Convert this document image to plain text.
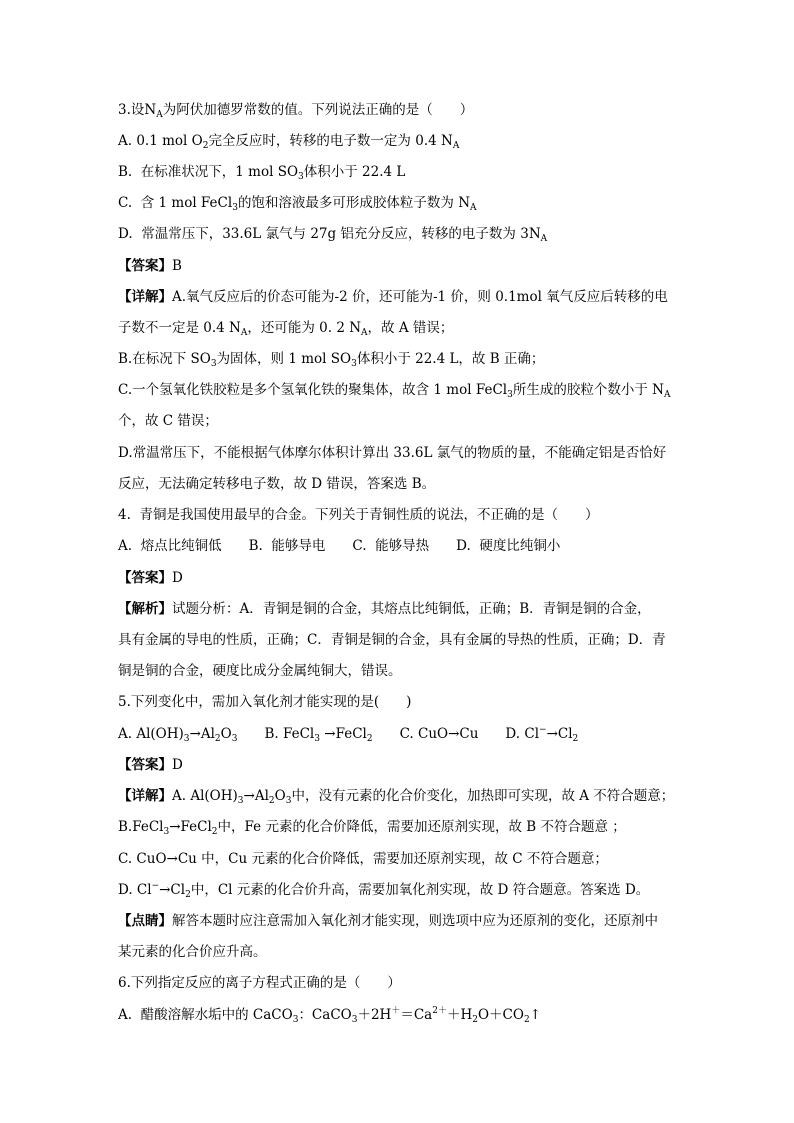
3.设$N_A$为阿伏加德罗常数的值。下列说法正确的是（　　）
A. 0.1 mol $O_2$完全反应时，转移的电子数一定为 0.4 $N_A$
B.  在标准状况下，1 mol $SO_3$体积小于 22.4 L
C.  含 1 mol FeCl$_3$的饱和溶液最多可形成胶体粒子数为 $N_A$
D.  常温常压下，33.6L 氯气与 27g 铝充分反应，转移的电子数为 $3N_A$
【答案】B
【详解】A.氧气反应后的价态可能为-2 价，还可能为-1 价，则 0.1mol 氧气反应后转移的电
子数不一定是 0.4 $N_A$，还可能为 0. 2 $N_A$，故 A 错误；
B.在标况下 $SO_3$为固体，则 1 mol $SO_3$体积小于 22.4 L，故 B 正确；
C.一个氢氧化铁胶粒是多个氢氧化铁的聚集体，故含 1 mol FeCl$_3$所生成的胶粒个数小于 $N_A$
个，故 C 错误；
D.常温常压下，不能根据气体摩尔体积计算出 33.6L 氯气的物质的量，不能确定铝是否恰好
反应，无法确定转移电子数，故 D 错误，答案选 B。
4.  青铜是我国使用最早的合金。下列关于青铜性质的说法，不正确的是（　　）
A.  熔点比纯铜低　　B.  能够导电　　C.  能够导热　　D.  硬度比纯铜小
【答案】D
【解析】试题分析：A．青铜是铜的合金，其熔点比纯铜低，正确；B．青铜是铜的合金，
具有金属的导电的性质，正确；C．青铜是铜的合金，具有金属的导热的性质，正确；D．青
铜是铜的合金，硬度比成分金属纯铜大，错误。
5.下列变化中，需加入氧化剂才能实现的是(　　)
A. $Al(OH)_3\to Al_2O_3$　　B. FeCl$_3$ →FeCl$_2$　　C. CuO→Cu　　D. $Cl^-\to Cl_2$
【答案】D
【详解】A. $Al(OH)_3\to Al_2O_3$中，没有元素的化合价变化，加热即可实现，故 A 不符合题意；
B.FeCl$_3$→FeCl$_2$中，Fe 元素的化合价降低，需要加还原剂实现，故 B 不符合题意 ；
C. CuO→Cu 中，Cu 元素的化合价降低，需要加还原剂实现，故 C 不符合题意；
D. $Cl^-\to Cl_2$中，Cl 元素的化合价升高，需要加氧化剂实现，故 D 符合题意。答案选 D。
【点睛】解答本题时应注意需加入氧化剂才能实现，则选项中应为还原剂的变化，还原剂中
某元素的化合价应升高。
6.下列指定反应的离子方程式正确的是（　　）
A.  醋酸溶解水垢中的 CaCO$_3$：$CaCO_3+2H^+=Ca^{2+}+H_2O+CO_2↑$
